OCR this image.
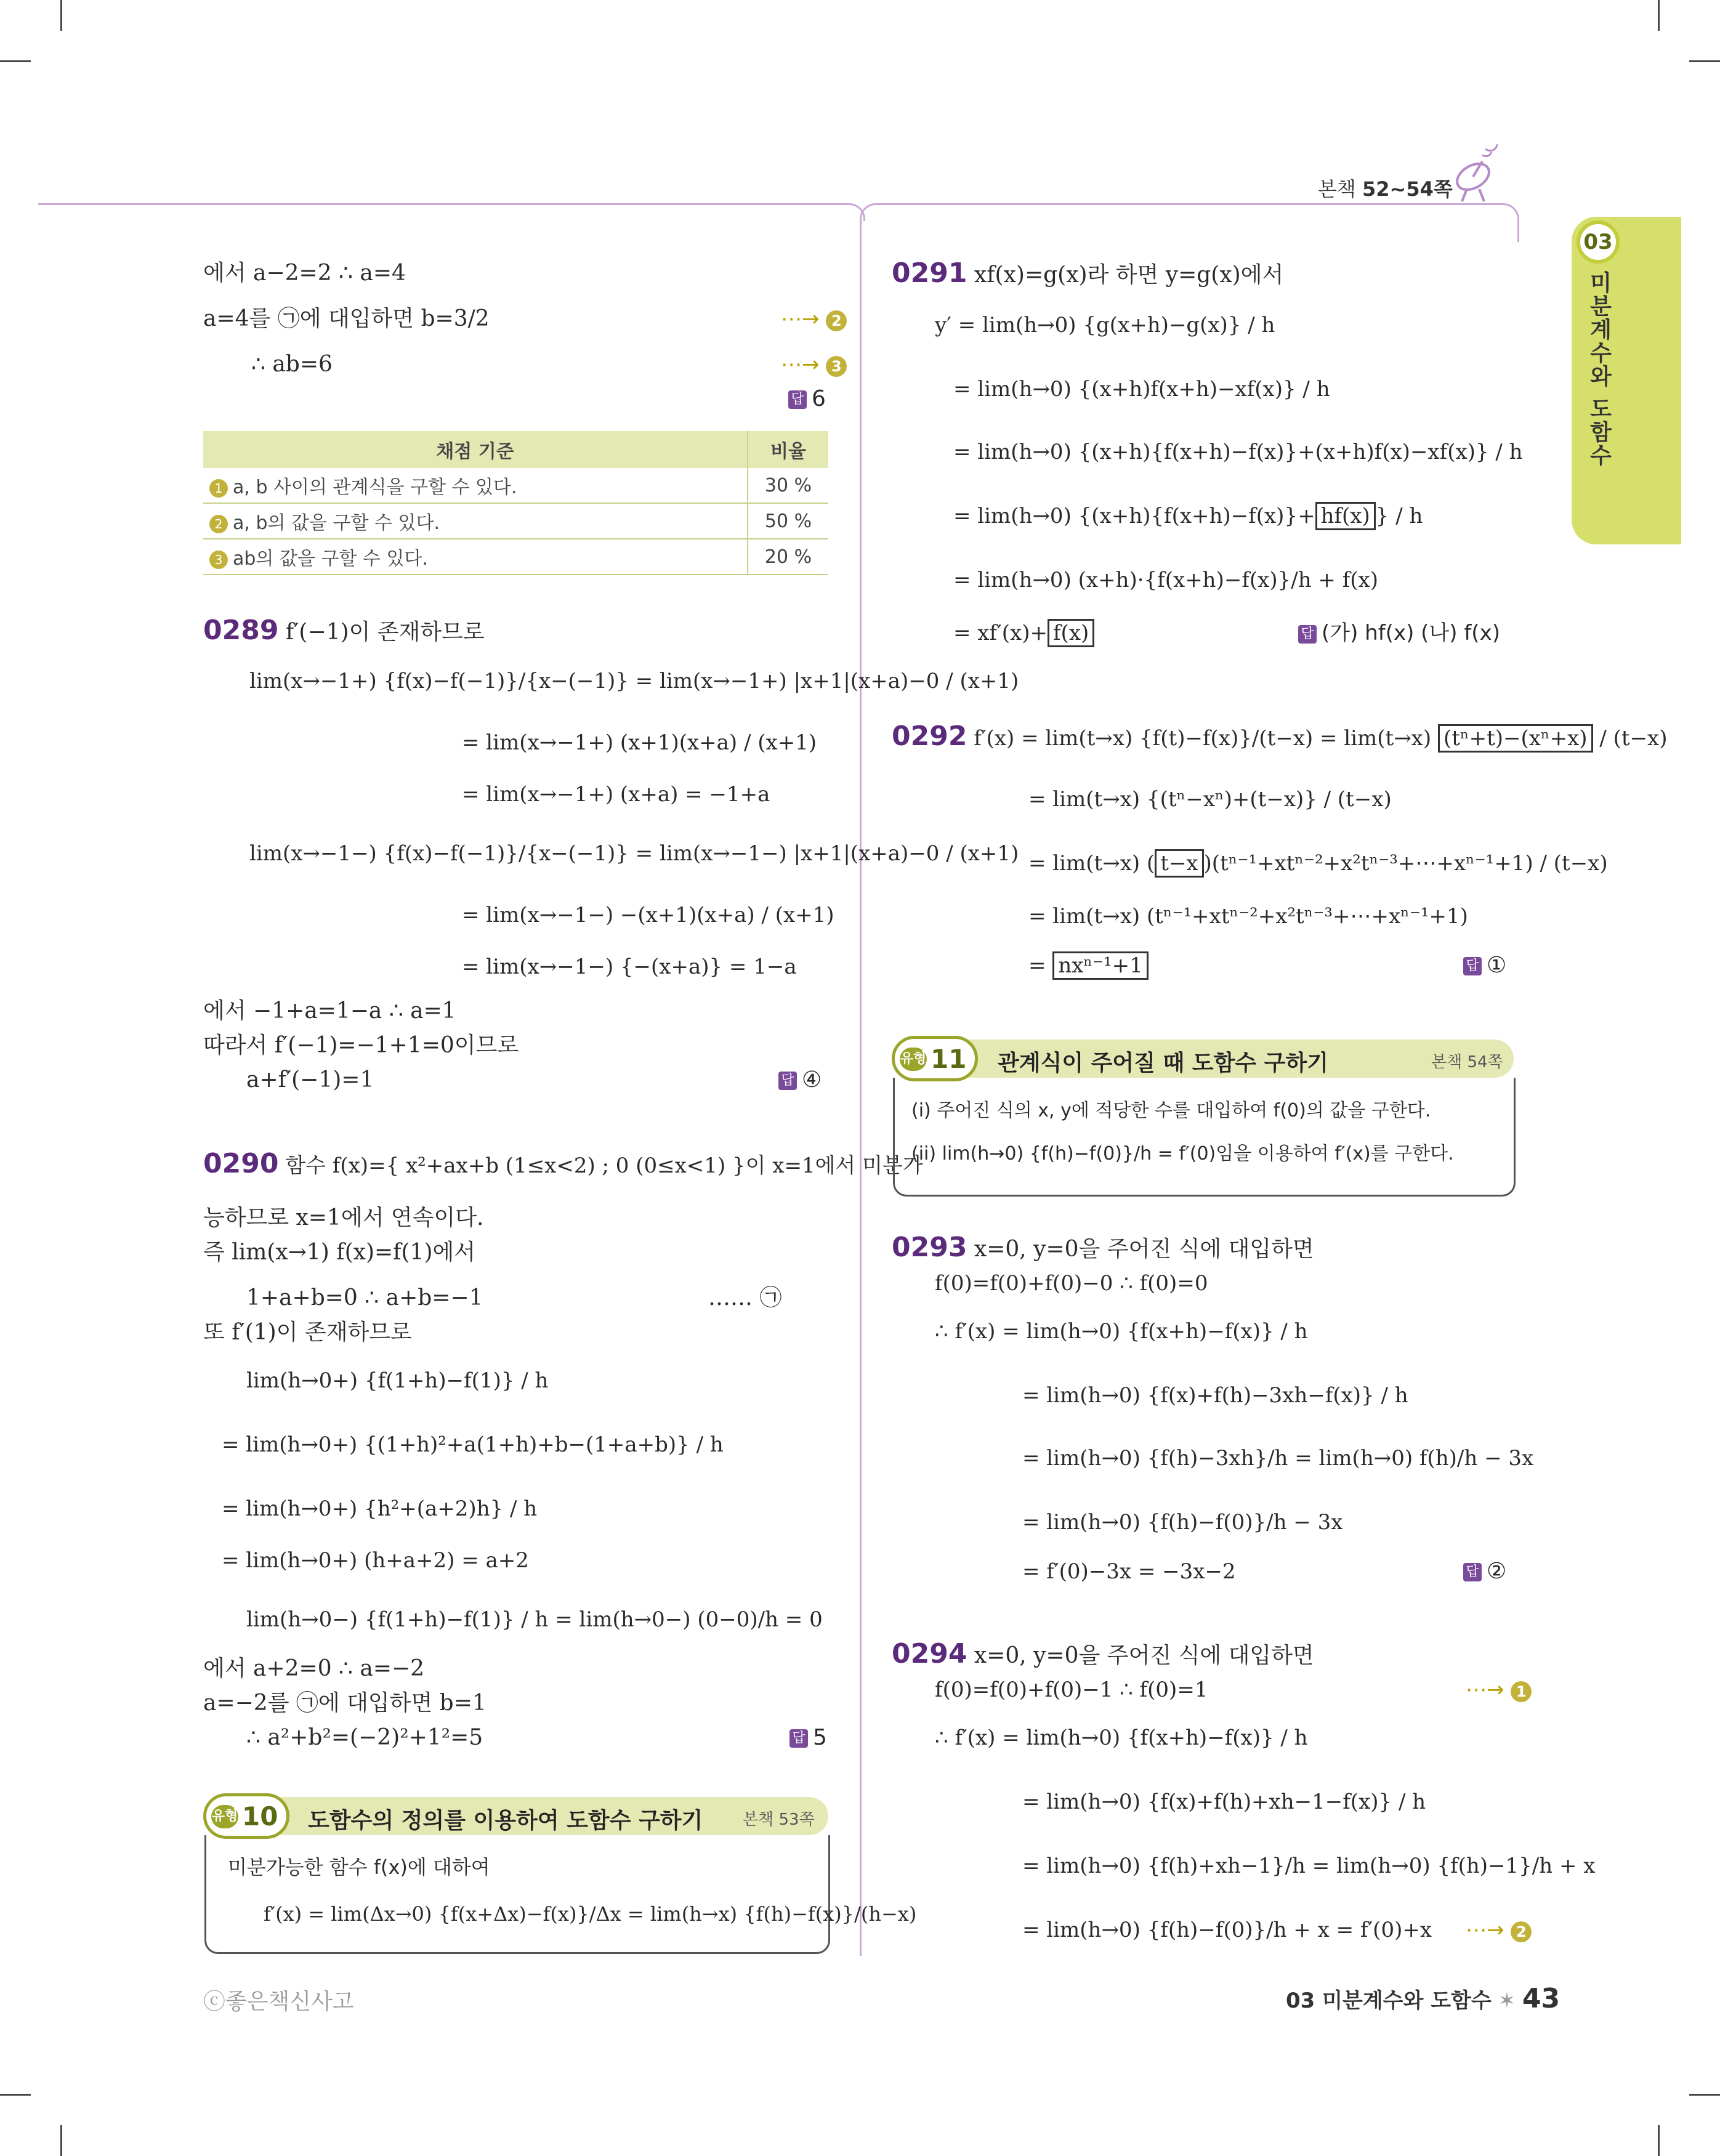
본책 52~54쪽
03
미분계수와 도함수
에서 a−2=2 ∴ a=4
a=4를 ㉠에 대입하면 b=3/2	⋯→ 2
∴ ab=6	⋯→ 3
답 6
채점 기준	비율
1 a, b 사이의 관계식을 구할 수 있다.	30 %
2 a, b의 값을 구할 수 있다.	50 %
3 ab의 값을 구할 수 있다.	20 %
0289 f′(−1)이 존재하므로
lim(x→−1+) {f(x)−f(−1)}/{x−(−1)} = lim(x→−1+) |x+1|(x+a)−0 / (x+1)
= lim(x→−1+) (x+1)(x+a) / (x+1)
= lim(x→−1+) (x+a) = −1+a
lim(x→−1−) {f(x)−f(−1)}/{x−(−1)} = lim(x→−1−) |x+1|(x+a)−0 / (x+1)
= lim(x→−1−) −(x+1)(x+a) / (x+1)
= lim(x→−1−) {−(x+a)} = 1−a
에서 −1+a=1−a ∴ a=1
따라서 f′(−1)=−1+1=0이므로
a+f′(−1)=1	답 ④
0290 함수 f(x)={ x²+ax+b (1≤x<2) ; 0 (0≤x<1) }이 x=1에서 미분가
능하므로 x=1에서 연속이다.
즉 lim(x→1) f(x)=f(1)에서
1+a+b=0 ∴ a+b=−1	…… ㉠
또 f′(1)이 존재하므로
lim(h→0+) {f(1+h)−f(1)} / h
= lim(h→0+) {(1+h)²+a(1+h)+b−(1+a+b)} / h
= lim(h→0+) {h²+(a+2)h} / h
= lim(h→0+) (h+a+2) = a+2
lim(h→0−) {f(1+h)−f(1)} / h = lim(h→0−) (0−0)/h = 0
에서 a+2=0 ∴ a=−2
a=−2를 ㉠에 대입하면 b=1
∴ a²+b²=(−2)²+1²=5	답 5
유형 10 도함수의 정의를 이용하여 도함수 구하기 본책 53쪽
미분가능한 함수 f(x)에 대하여
f′(x) = lim(Δx→0) {f(x+Δx)−f(x)}/Δx = lim(h→x) {f(h)−f(x)}/(h−x)
0291 xf(x)=g(x)라 하면 y=g(x)에서
y′ = lim(h→0) {g(x+h)−g(x)} / h
= lim(h→0) {(x+h)f(x+h)−xf(x)} / h
= lim(h→0) {(x+h){f(x+h)−f(x)}+(x+h)f(x)−xf(x)} / h
= lim(h→0) {(x+h){f(x+h)−f(x)}+ hf(x) } / h
= lim(h→0) (x+h)·{f(x+h)−f(x)}/h + f(x)
= xf′(x)+ f(x)	답 (가) hf(x) (나) f(x)
0292 f′(x) = lim(t→x) {f(t)−f(x)}/(t−x) = lim(t→x) (tⁿ+t)−(xⁿ+x) / (t−x)
= lim(t→x) {(tⁿ−xⁿ)+(t−x)} / (t−x)
= lim(t→x) ( t−x )(tⁿ⁻¹+xtⁿ⁻²+x²tⁿ⁻³+⋯+xⁿ⁻¹+1) / (t−x)
= lim(t→x) (tⁿ⁻¹+xtⁿ⁻²+x²tⁿ⁻³+⋯+xⁿ⁻¹+1)
= nxⁿ⁻¹+1	답 ①
유형 11 관계식이 주어질 때 도함수 구하기	본책 54쪽
(i) 주어진 식의 x, y에 적당한 수를 대입하여 f(0)의 값을 구한다.
(ii) lim(h→0) {f(h)−f(0)}/h = f′(0)임을 이용하여 f′(x)를 구한다.
0293 x=0, y=0을 주어진 식에 대입하면
f(0)=f(0)+f(0)−0 ∴ f(0)=0
∴ f′(x) = lim(h→0) {f(x+h)−f(x)} / h
= lim(h→0) {f(x)+f(h)−3xh−f(x)} / h
= lim(h→0) {f(h)−3xh}/h = lim(h→0) f(h)/h − 3x
= lim(h→0) {f(h)−f(0)}/h − 3x
= f′(0)−3x = −3x−2	답 ②
0294 x=0, y=0을 주어진 식에 대입하면
f(0)=f(0)+f(0)−1 ∴ f(0)=1	⋯→ 1
∴ f′(x) = lim(h→0) {f(x+h)−f(x)} / h
= lim(h→0) {f(x)+f(h)+xh−1−f(x)} / h
= lim(h→0) {f(h)+xh−1}/h = lim(h→0) {f(h)−1}/h + x
= lim(h→0) {f(h)−f(0)}/h + x = f′(0)+x ⋯→ 2
ⓒ좋은책신사고	03 미분계수와 도함수 ✶ 43
